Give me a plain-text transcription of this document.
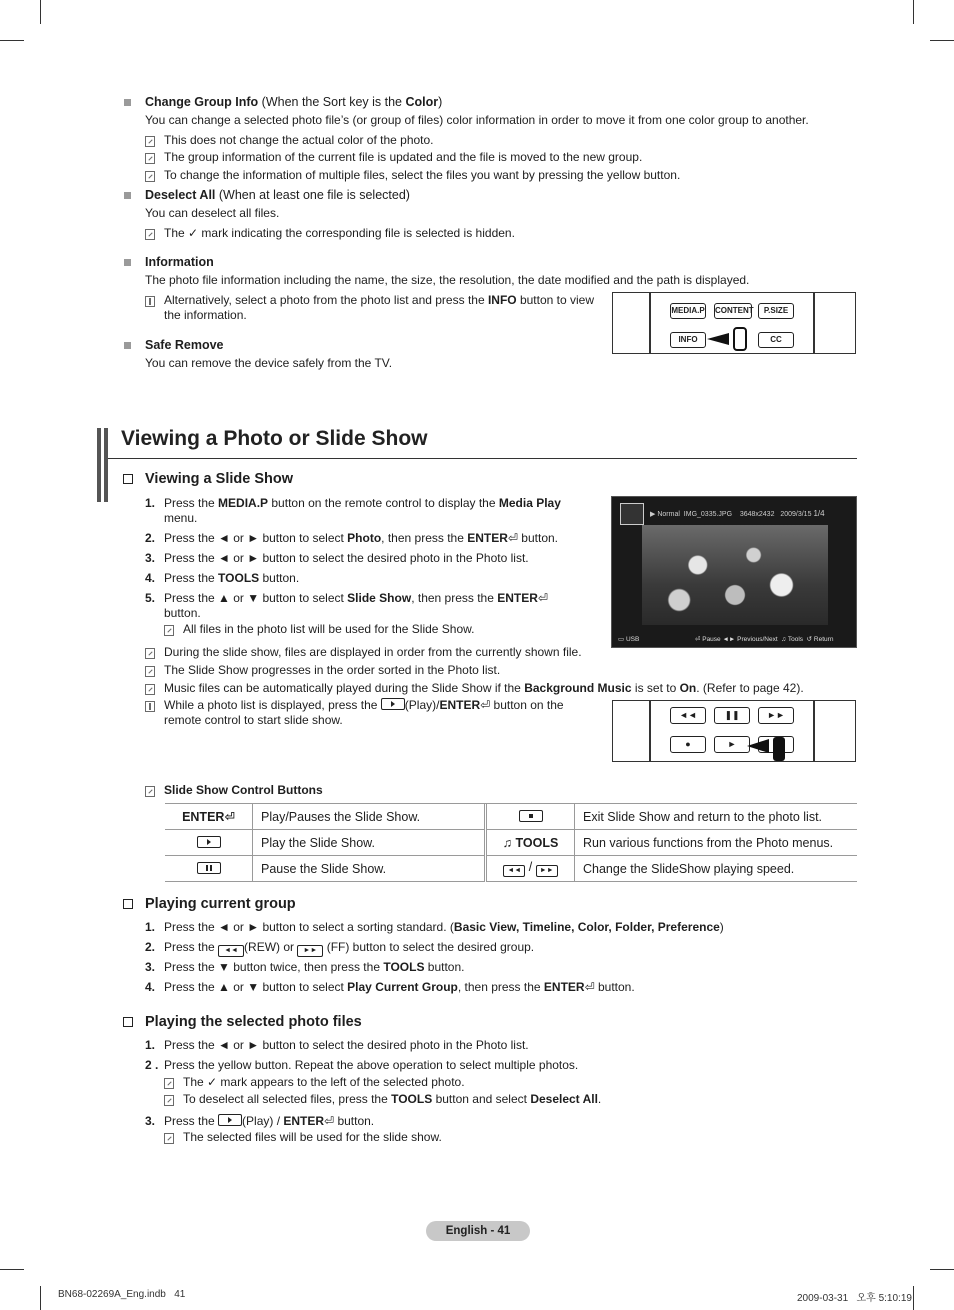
Change Group Info (When the Sort key is the Color)
You can change a selected photo file’s (or group of files) color information in order to move it from one color group to another.
This does not change the actual color of the photo.
The group information of the current file is updated and the file is moved to the new group.
To change the information of multiple files, select the files you want by pressing the yellow button.
Deselect All (When at least one file is selected)
You can deselect all files.
The ✓ mark indicating the corresponding file is selected is hidden.
Information
The photo file information including the name, the size, the resolution, the date modified and the path is displayed.
Alternatively, select a photo from the photo list and press the INFO button to view
the information.	MEDIA.P CONTENT	P.SIZE
INFO	CC
Safe Remove
You can remove the device safely from the TV.
Viewing a Photo or Slide Show
Viewing a Slide Show
1. Press the MEDIA.P button on the remote control to display the Media Play
menu.
2. Press the ◄ or ► button to select Photo, then press the ENTER⏎ button.
3. Press the ◄ or ► button to select the desired photo in the Photo list.
4. Press the TOOLS button.
5. Press the ▲ or ▼ button to select Slide Show, then press the ENTER⏎
button.
All files in the photo list will be used for the Slide Show.
▶ Normal IMG_0335.JPG 3648x2432 2009/3/15 1/4
▭ USB	⏎ Pause ◄► Previous/Next ♫ Tools ↺ Return
During the slide show, files are displayed in order from the currently shown file.
The Slide Show progresses in the order sorted in the Photo list.
Music files can be automatically played during the Slide Show if the Background Music is set to On. (Refer to page 42).
While a photo list is displayed, press the
(Play)/ENTER⏎ button on the
remote control to start slide show.	◄◄	❚❚	►►
●	►
Slide Show Control Buttons
ENTER⏎	Play/Pauses the Slide Show.		Exit Slide Show and return to the photo list.

	Play the Slide Show.	♫ TOOLS	Run various functions from the Photo menus.

	Pause the Slide Show.	◄◄ / ►►	Change the SlideShow playing speed.
Playing current group
1. Press the ◄ or ► button to select a sorting standard. (Basic View, Timeline, Color, Folder, Preference)
2. Press the ◄◄ (REW) or ►► (FF) button to select the desired group.
3. Press the ▼ button twice, then press the TOOLS button.
4. Press the ▲ or ▼ button to select Play Current Group, then press the ENTER⏎ button.
Playing the selected photo files
1. Press the ◄ or ► button to select the desired photo in the Photo list.
2 . Press the yellow button. Repeat the above operation to select multiple photos.
The ✓ mark appears to the left of the selected photo.
To deselect all selected files, press the TOOLS button and select Deselect All.
3. Press the
(Play) / ENTER⏎ button.
The selected files will be used for the slide show.
English - 41
BN68-02269A_Eng.indb   41	2009-03-31   오후 5:10:19
